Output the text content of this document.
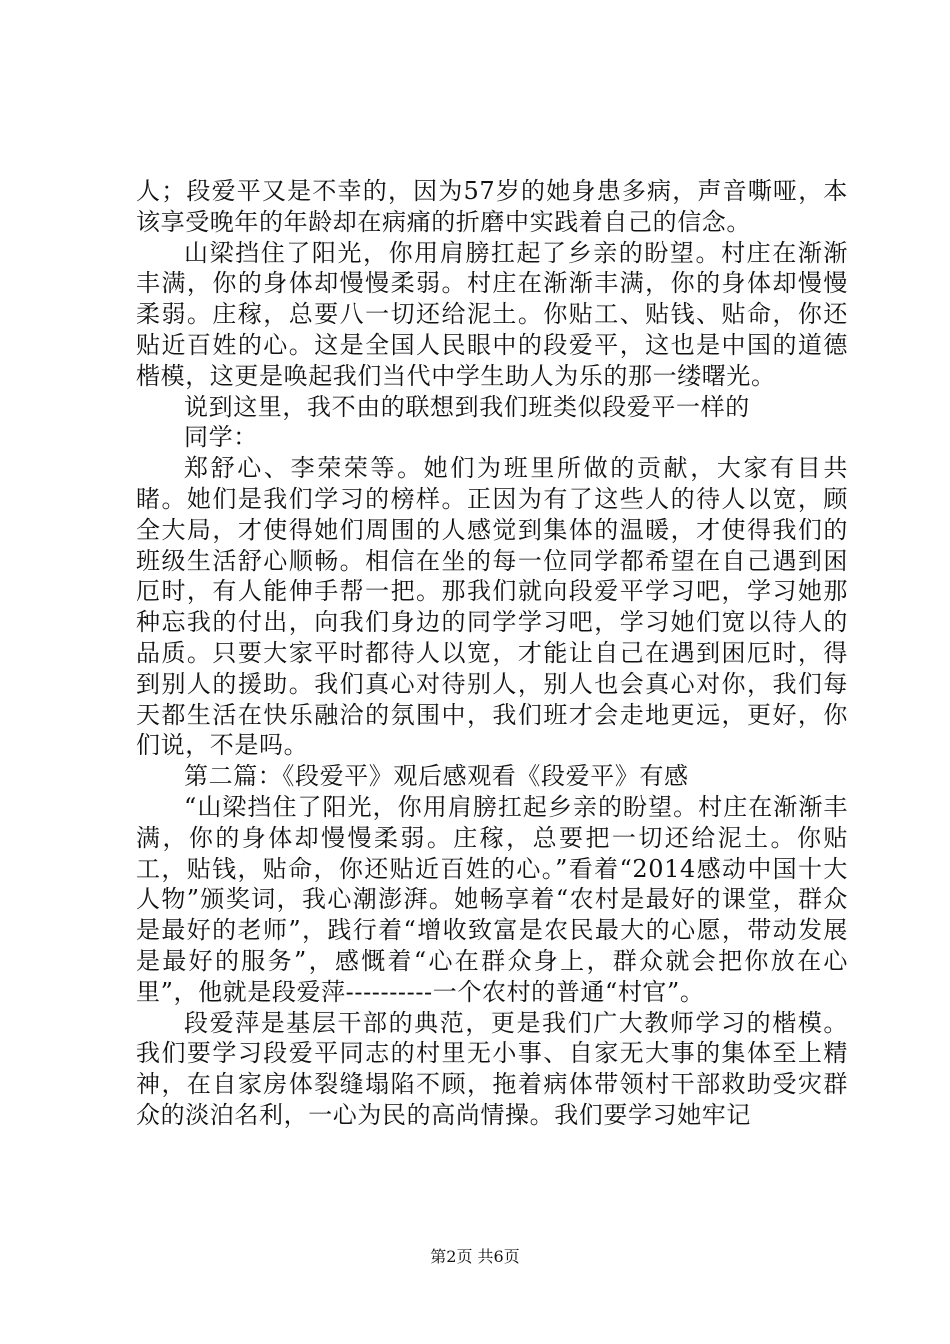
人；段爱平又是不幸的，因为57岁的她身患多病，声音嘶哑，本该享受晚年的年龄却在病痛的折磨中实践着自己的信念。

山梁挡住了阳光，你用肩膀扛起了乡亲的盼望。村庄在渐渐丰满，你的身体却慢慢柔弱。村庄在渐渐丰满，你的身体却慢慢柔弱。庄稼，总要八一切还给泥土。你贴工、贴钱、贴命，你还贴近百姓的心。这是全国人民眼中的段爱平，这也是中国的道德楷模，这更是唤起我们当代中学生助人为乐的那一缕曙光。

说到这里，我不由的联想到我们班类似段爱平一样的

同学：

郑舒心、李荣荣等。她们为班里所做的贡献，大家有目共睹。她们是我们学习的榜样。正因为有了这些人的待人以宽，顾全大局，才使得她们周围的人感觉到集体的温暖，才使得我们的班级生活舒心顺畅。相信在坐的每一位同学都希望在自己遇到困厄时，有人能伸手帮一把。那我们就向段爱平学习吧，学习她那种忘我的付出，向我们身边的同学学习吧，学习她们宽以待人的品质。只要大家平时都待人以宽，才能让自己在遇到困厄时，得到别人的援助。我们真心对待别人，别人也会真心对你，我们每天都生活在快乐融洽的氛围中，我们班才会走地更远，更好，你们说，不是吗。

第二篇：《段爱平》观后感观看《段爱平》有感

“山梁挡住了阳光，你用肩膀扛起乡亲的盼望。村庄在渐渐丰满，你的身体却慢慢柔弱。庄稼，总要把一切还给泥土。你贴工，贴钱，贴命，你还贴近百姓的心。”看着“2014感动中国十大人物”颁奖词，我心潮澎湃。她畅享着“农村是最好的课堂，群众是最好的老师”，践行着“增收致富是农民最大的心愿，带动发展是最好的服务”，感慨着“心在群众身上，群众就会把你放在心里”，他就是段爱萍----------一个农村的普通“村官”。

段爱萍是基层干部的典范，更是我们广大教师学习的楷模。我们要学习段爱平同志的村里无小事、自家无大事的集体至上精神，在自家房体裂缝塌陷不顾，拖着病体带领村干部救助受灾群众的淡泊名利，一心为民的高尚情操。我们要学习她牢记

第2页 共6页
